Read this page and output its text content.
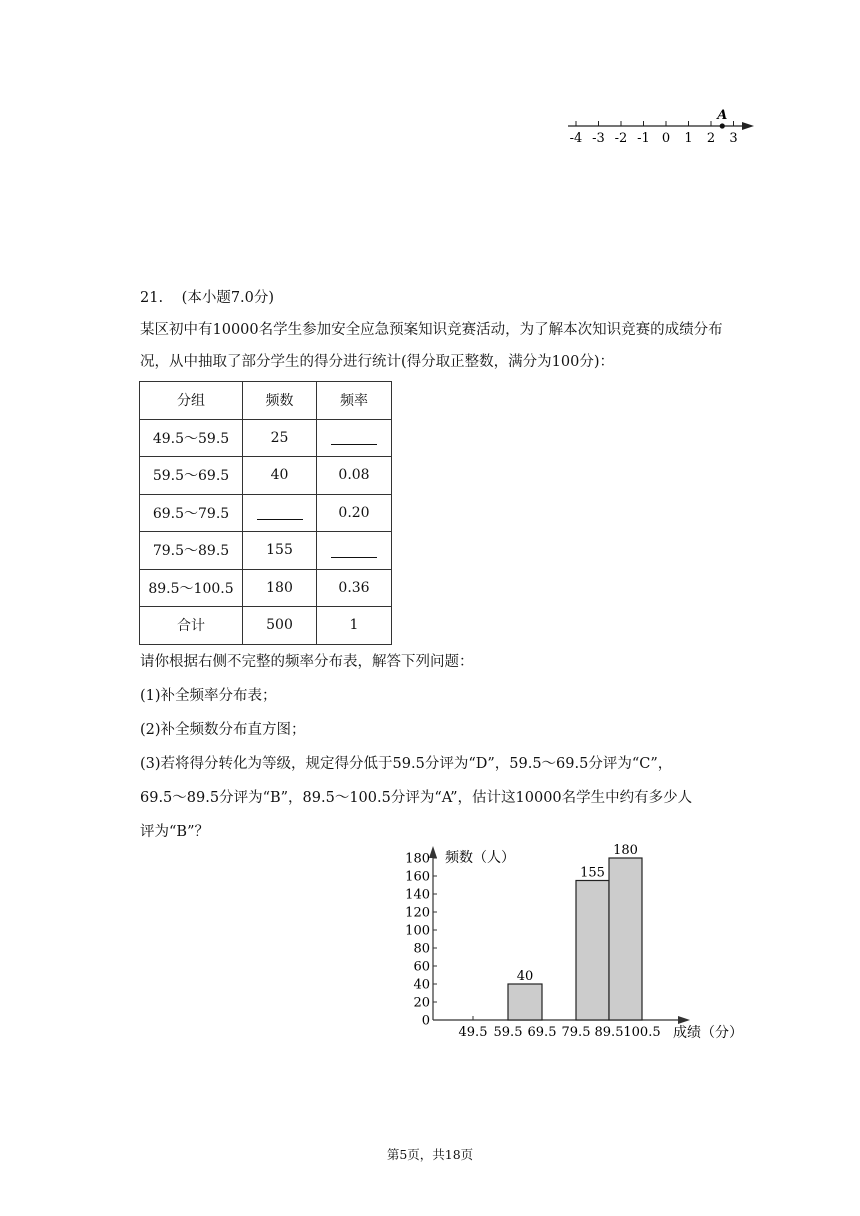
-4 -3 -2 -1 0 1 2 3
A
21. (本小题7.0分)
某区初中有10000名学生参加安全应急预案知识竞赛活动，为了解本次知识竞赛的成绩分布
况，从中抽取了部分学生的得分进行统计(得分取正整数，满分为100分)：
分组	频数	频率
49.5～59.5	25	
59.5～69.5	40	0.08
69.5～79.5		0.20
79.5～89.5	155	
89.5～100.5	180	0.36
合计	500	1
请你根据右侧不完整的频率分布表，解答下列问题：
(1)补全频率分布表；
(2)补全频数分布直方图；
(3)若将得分转化为等级，规定得分低于59.5分评为“D”，59.5～69.5分评为“C”，
69.5～89.5分评为“B”，89.5～100.5分评为“A”，估计这10000名学生中约有多少人
评为“B”？
0
20
40
60
80
100
120
140
160
180 频数（人）
49.5 59.5 69.5 79.5 89.5 100.5 成绩（分）
40
155
180
第5页，共18页
